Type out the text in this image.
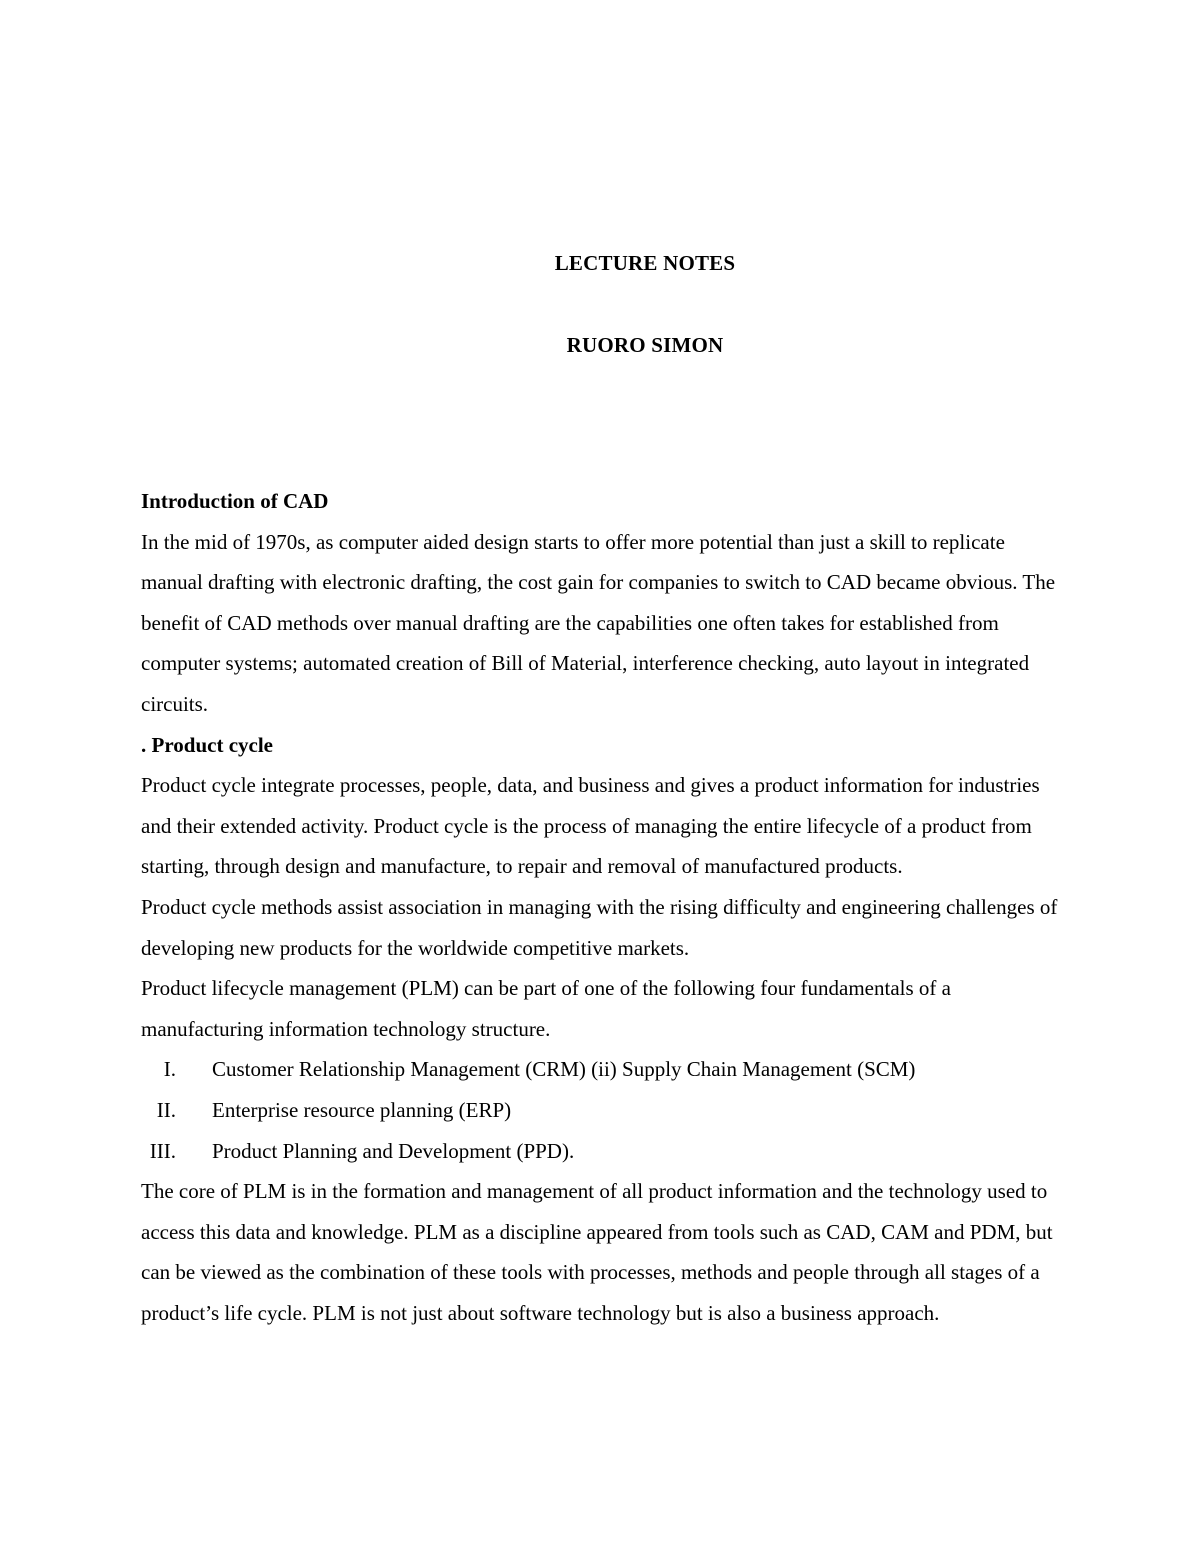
LECTURE NOTES
RUORO SIMON

Introduction of CAD

In the mid of 1970s, as computer aided design starts to offer more potential than just a skill to replicate manual drafting with electronic drafting, the cost gain for companies to switch to CAD became obvious. The benefit of CAD methods over manual drafting are the capabilities one often takes for established from computer systems; automated creation of Bill of Material, interference checking, auto layout in integrated circuits.

. Product cycle

Product cycle integrate processes, people, data, and business and gives a product information for industries and their extended activity. Product cycle is the process of managing the entire lifecycle of a product from starting, through design and manufacture, to repair and removal of manufactured products.

Product cycle methods assist association in managing with the rising difficulty and engineering challenges of developing new products for the worldwide competitive markets.

Product lifecycle management (PLM) can be part of one of the following four fundamentals of a manufacturing information technology structure.

I. Customer Relationship Management (CRM) (ii) Supply Chain Management (SCM)
II. Enterprise resource planning (ERP)
III. Product Planning and Development (PPD).

The core of PLM is in the formation and management of all product information and the technology used to access this data and knowledge. PLM as a discipline appeared from tools such as CAD, CAM and PDM, but can be viewed as the combination of these tools with processes, methods and people through all stages of a product’s life cycle. PLM is not just about software technology but is also a business approach.
